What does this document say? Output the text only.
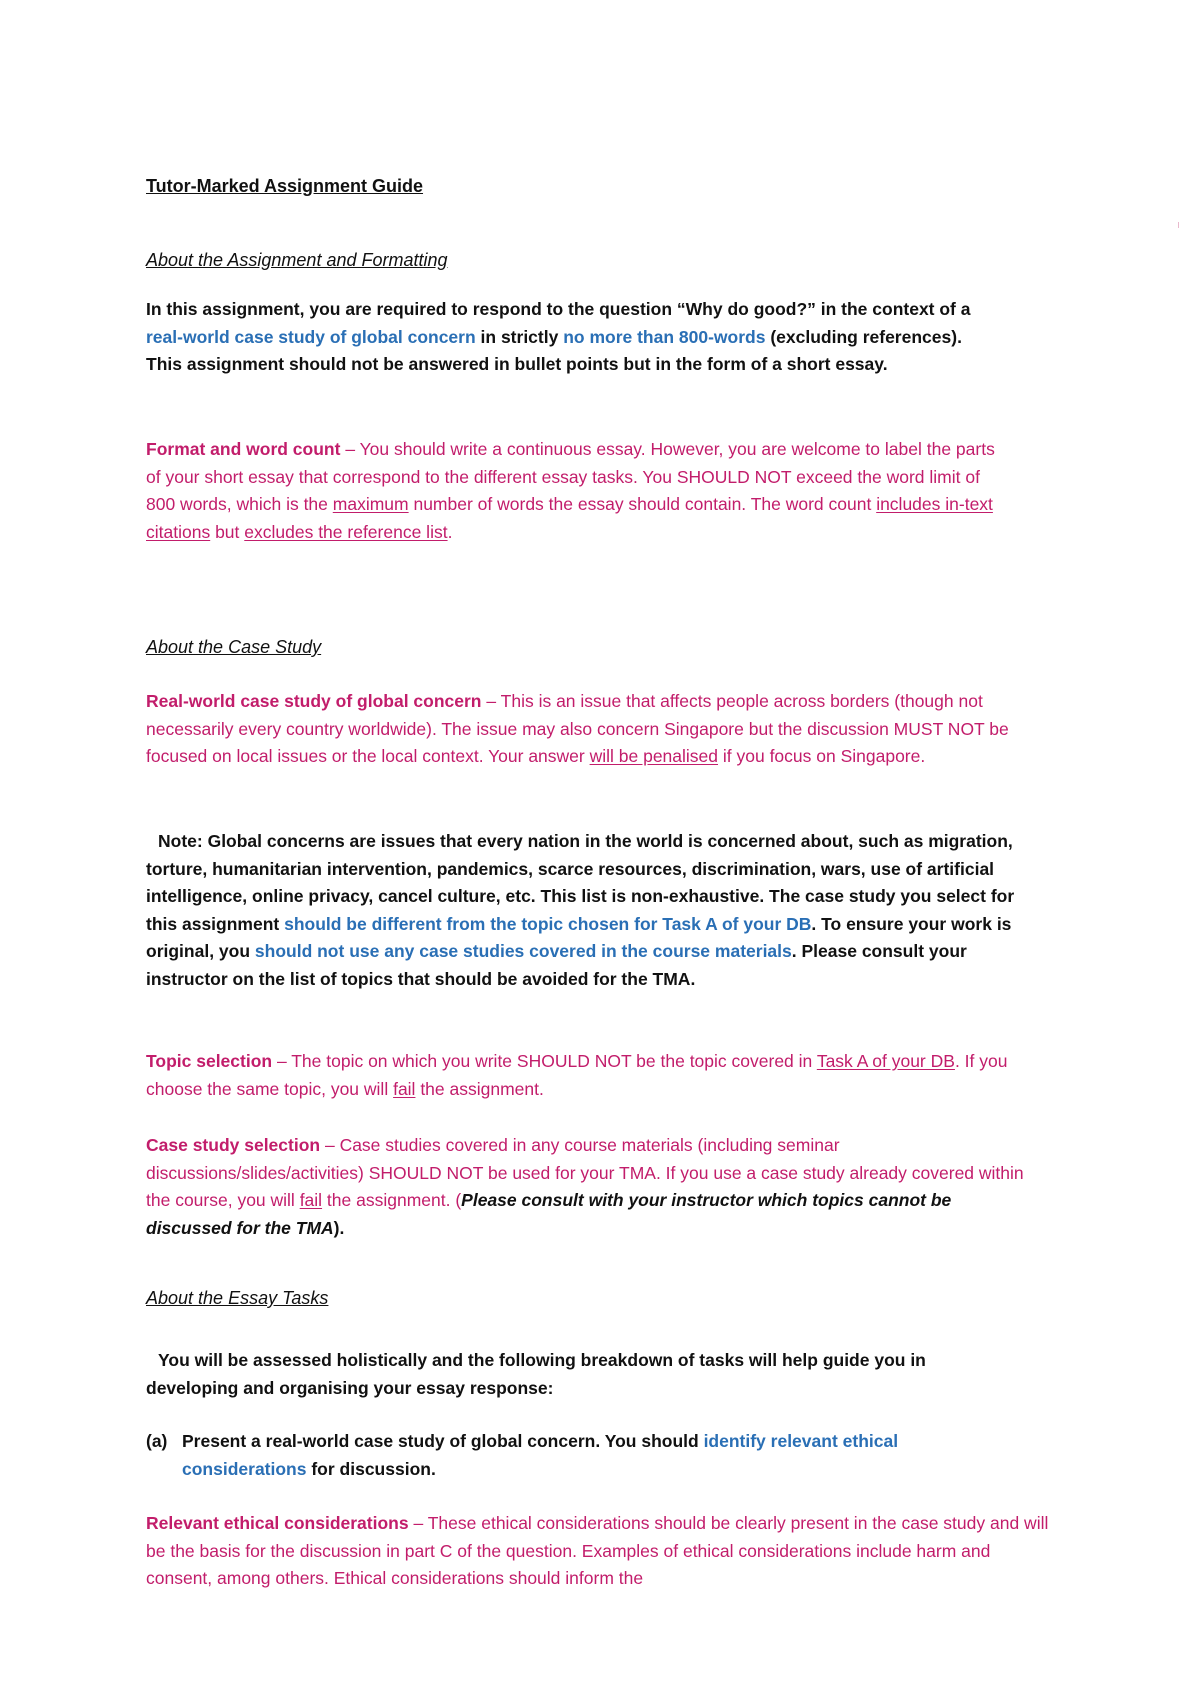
Tutor-Marked Assignment Guide
About the Assignment and Formatting

In this assignment, you are required to respond to the question “Why do good?” in the context of a real-world case study of global concern in strictly no more than 800-words (excluding references). This assignment should not be answered in bullet points but in the form of a short essay.

Format and word count – You should write a continuous essay. However, you are welcome to label the parts of your short essay that correspond to the different essay tasks. You SHOULD NOT exceed the word limit of 800 words, which is the maximum number of words the essay should contain. The word count includes in-text citations but excludes the reference list.

About the Case Study

Real-world case study of global concern – This is an issue that affects people across borders (though not necessarily every country worldwide). The issue may also concern Singapore but the discussion MUST NOT be focused on local issues or the local context. Your answer will be penalised if you focus on Singapore.

Note: Global concerns are issues that every nation in the world is concerned about, such as migration, torture, humanitarian intervention, pandemics, scarce resources, discrimination, wars, use of artificial intelligence, online privacy, cancel culture, etc. This list is non-exhaustive. The case study you select for this assignment should be different from the topic chosen for Task A of your DB. To ensure your work is original, you should not use any case studies covered in the course materials. Please consult your instructor on the list of topics that should be avoided for the TMA.

Topic selection – The topic on which you write SHOULD NOT be the topic covered in Task A of your DB. If you choose the same topic, you will fail the assignment.

Case study selection – Case studies covered in any course materials (including seminar discussions/slides/activities) SHOULD NOT be used for your TMA. If you use a case study already covered within the course, you will fail the assignment. (Please consult with your instructor which topics cannot be discussed for the TMA).

About the Essay Tasks

You will be assessed holistically and the following breakdown of tasks will help guide you in developing and organising your essay response:

(a) Present a real-world case study of global concern. You should identify relevant ethical considerations for discussion.

Relevant ethical considerations – These ethical considerations should be clearly present in the case study and will be the basis for the discussion in part C of the question. Examples of ethical considerations include harm and consent, among others. Ethical considerations should inform the
